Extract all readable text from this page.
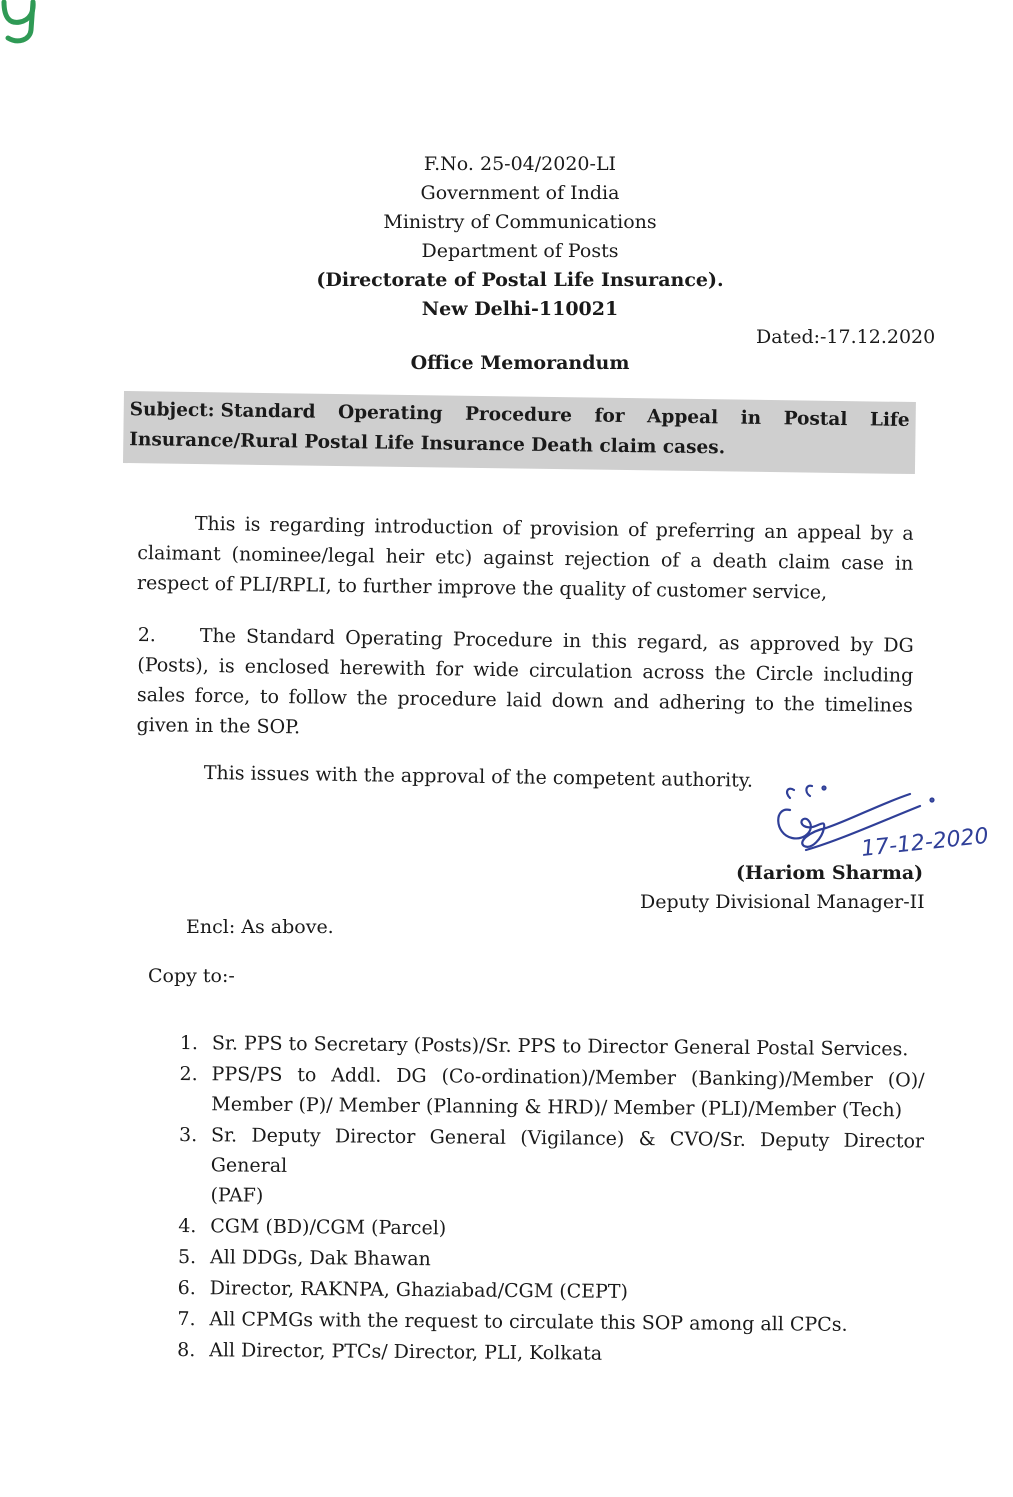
F.No. 25-04/2020-LI
Government of India
Ministry of Communications
Department of Posts
(Directorate of Postal Life Insurance).
New Delhi-110021
Dated:-17.12.2020
Office Memorandum
Subject: Standard Operating Procedure for Appeal in Postal Life Insurance/Rural Postal Life Insurance Death claim cases.
This is regarding introduction of provision of preferring an appeal by a claimant (nominee/legal heir etc) against rejection of a death claim case in respect of PLI/RPLI, to further improve the quality of customer service,
2. The Standard Operating Procedure in this regard, as approved by DG (Posts), is enclosed herewith for wide circulation across the Circle including sales force, to follow the procedure laid down and adhering to the timelines given in the SOP.
This issues with the approval of the competent authority.
17-12-2020
(Hariom Sharma)
Deputy Divisional Manager-II
Encl: As above.
Copy to:-
1. Sr. PPS to Secretary (Posts)/Sr. PPS to Director General Postal Services.
2. PPS/PS to Addl. DG (Co-ordination)/Member (Banking)/Member (O)/
Member (P)/ Member (Planning & HRD)/ Member (PLI)/Member (Tech)
3. Sr. Deputy Director General (Vigilance) & CVO/Sr. Deputy Director General
(PAF)
4. CGM (BD)/CGM (Parcel)
5. All DDGs, Dak Bhawan
6. Director, RAKNPA, Ghaziabad/CGM (CEPT)
7. All CPMGs with the request to circulate this SOP among all CPCs.
8. All Director, PTCs/ Director, PLI, Kolkata
